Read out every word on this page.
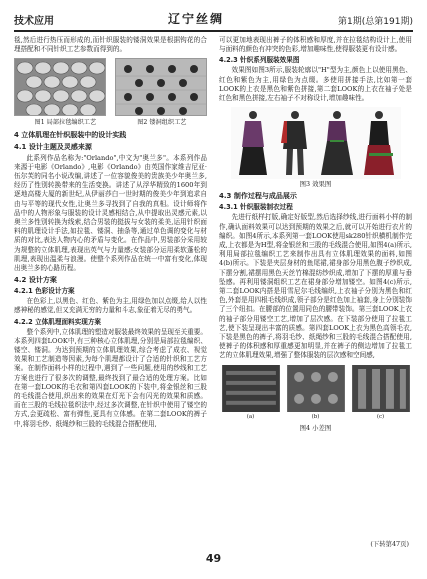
技术应用	辽宁丝绸	第1期(总第191期)

毯,然后进行热压而形成的,而针织服装的镂洞效果是根据钩花的合理搭配和不同针织工艺参数而得到的。

图1 局部拉毯编织工艺	图2 镂洞组织工艺
4 立体肌理在针织服装中的设计实践
4.1 设计主题及灵感来源

此系列作品名称为:"Orlando",中文为"奥兰多"。本系列作品来源于电影《Orlando》,电影《Orlando》由英国作家维吉尼亚·伍尔芙的同名小说改编,讲述了一位容貌俊美的贵族美少年奥兰多,经历了性别转换带来的生活变换。讲述了从浮华精致的1600年到逐地高楼大厦的新世纪,从伊丽莎白一世时期的俊美少年到追求自由与平等的现代女性,让奥兰多寻找到了自我的真相。设计师将作品中的人物形象与服装的设计灵感相结合,从中提取出灵感元素,以奥兰多性别转换为线索,结合男装的挺拔与女装的柔美,运用针织面料的肌理设计手法,如拉毯、镂洞、抽条等,通过单色调的变化与材质的对比,表达人物内心的矛盾与变化。在作品中,男装部分采用较为规整的立体肌理,表现出英气与力量感;女装部分运用柔软蓬松的肌理,表现出温柔与浪漫。使整个系列作品在统一中富有变化,体现出奥兰多的心路历程。

4.2 设计方案
4.2.1 色彩设计方案

在色彩上,以黑色、红色、紫色为主,用绿色加以点缀,给人以性感神秘的感觉,但又充满无穷的力量和斗志,象征着无尽的勇气。

4.2.2 立体肌理面料实现方案

整个系列中,立体肌理的塑造对服装最终效果的呈现至关重要。本系列四套LOOK中,有三种核心立体肌理,分别是局部拉毯编织、镂空、镂洞。为达到预期的立体肌理效果,综合考虑了成衣、视觉效果和工艺制造等因素,为每个肌理都设计了合适的针织和工艺方案。在制作面料小样的过程中,遇到了一些问题,使用的纱线和工艺方案也进行了很多次的调整,最终找到了最合适的处理方案。比如在第一套LOOK的毛衣和第四套LOOK的下装中,将金银丝和三股的毛线混合使用,织出来的效果在灯光下会有闪光的效果和质感。而在三股的毛线拉毯织法中,经过多次调整,在针织中使用了镂空的方式,会更疏松、富有弹性,更具有立体感。在第二套LOOK的裤子中,将羽毛纱、纸绳纱和三股的毛线混合搭配使用,

可以更加地表现出裤子的体积感和厚度,并在拉毯结构设计上,使用与面料的颜色有冲突的色彩,增加趣味性,使得服装更有设计感。

4.2.3 针织系列服装效果图

效果图如图3所示,服装轮廓以"H"型为主,颜色上以使用黑色、红色和紫色为主,用绿色为点缀。多使用拼接手法,比如第一套LOOK的上衣是黑色和紫色拼接,第二套LOOK的上衣在袖子处是红色和黑色拼接,左右袖子不对称设计,增加趣味性。

图3 效果图
4.3 制作过程与成品展示
4.3.1 针织服装制衣过程

先进行纸样打版,确定好版型,然后选择纱线,进行面料小样的制作,确认面料效果可以达到预期的效果之后,就可以开始进行衣片的编织。如图4所示,本系列第一套LOOK使用sk280针织横机制作完成,上衣都是为H型,将金银丝和三股的毛线混合使用,如图4(a)所示,利用局部拉毯编织工艺来制作出具有立体肌理效果的面料,如图4(b)所示。下装是夹层身材的鱼尾裙,裙身部分用黑色腹子纱织成,下摆分割,裙摆用黑色天丝竹棉混纺纱织成,增加了下摆的厚重与垂坠感。再利用镂洞组织工艺在裙身部分增加镂空。如图4(c)所示,第二套LOOK内搭是用雪尼尔毛线编织,上衣袖子分别为黑色和红色,外套是用四根毛线织成,领子部分是红色加上袖套,身上分别装饰了三个纽扣。在腰部的位置用同色的腰带装饰。第三套LOOK上衣的袖子部分用镂空工艺,增加了层次感。在下装部分使用了拉毯工艺,使下装呈现出丰富的质感。第四套LOOK上衣为黑色高领毛衣,下装是黑色的裤子,将羽毛纱、纸绳纱和三股的毛线混合搭配使用,使裤子的体积感和厚重感更加明显,并在裤子的侧边增加了拉毯工艺的立体肌理效果,增强了整体服装的层次感和空间感,

(a)	(b)	(c)
图4 小差图
(下转第47页)
49
